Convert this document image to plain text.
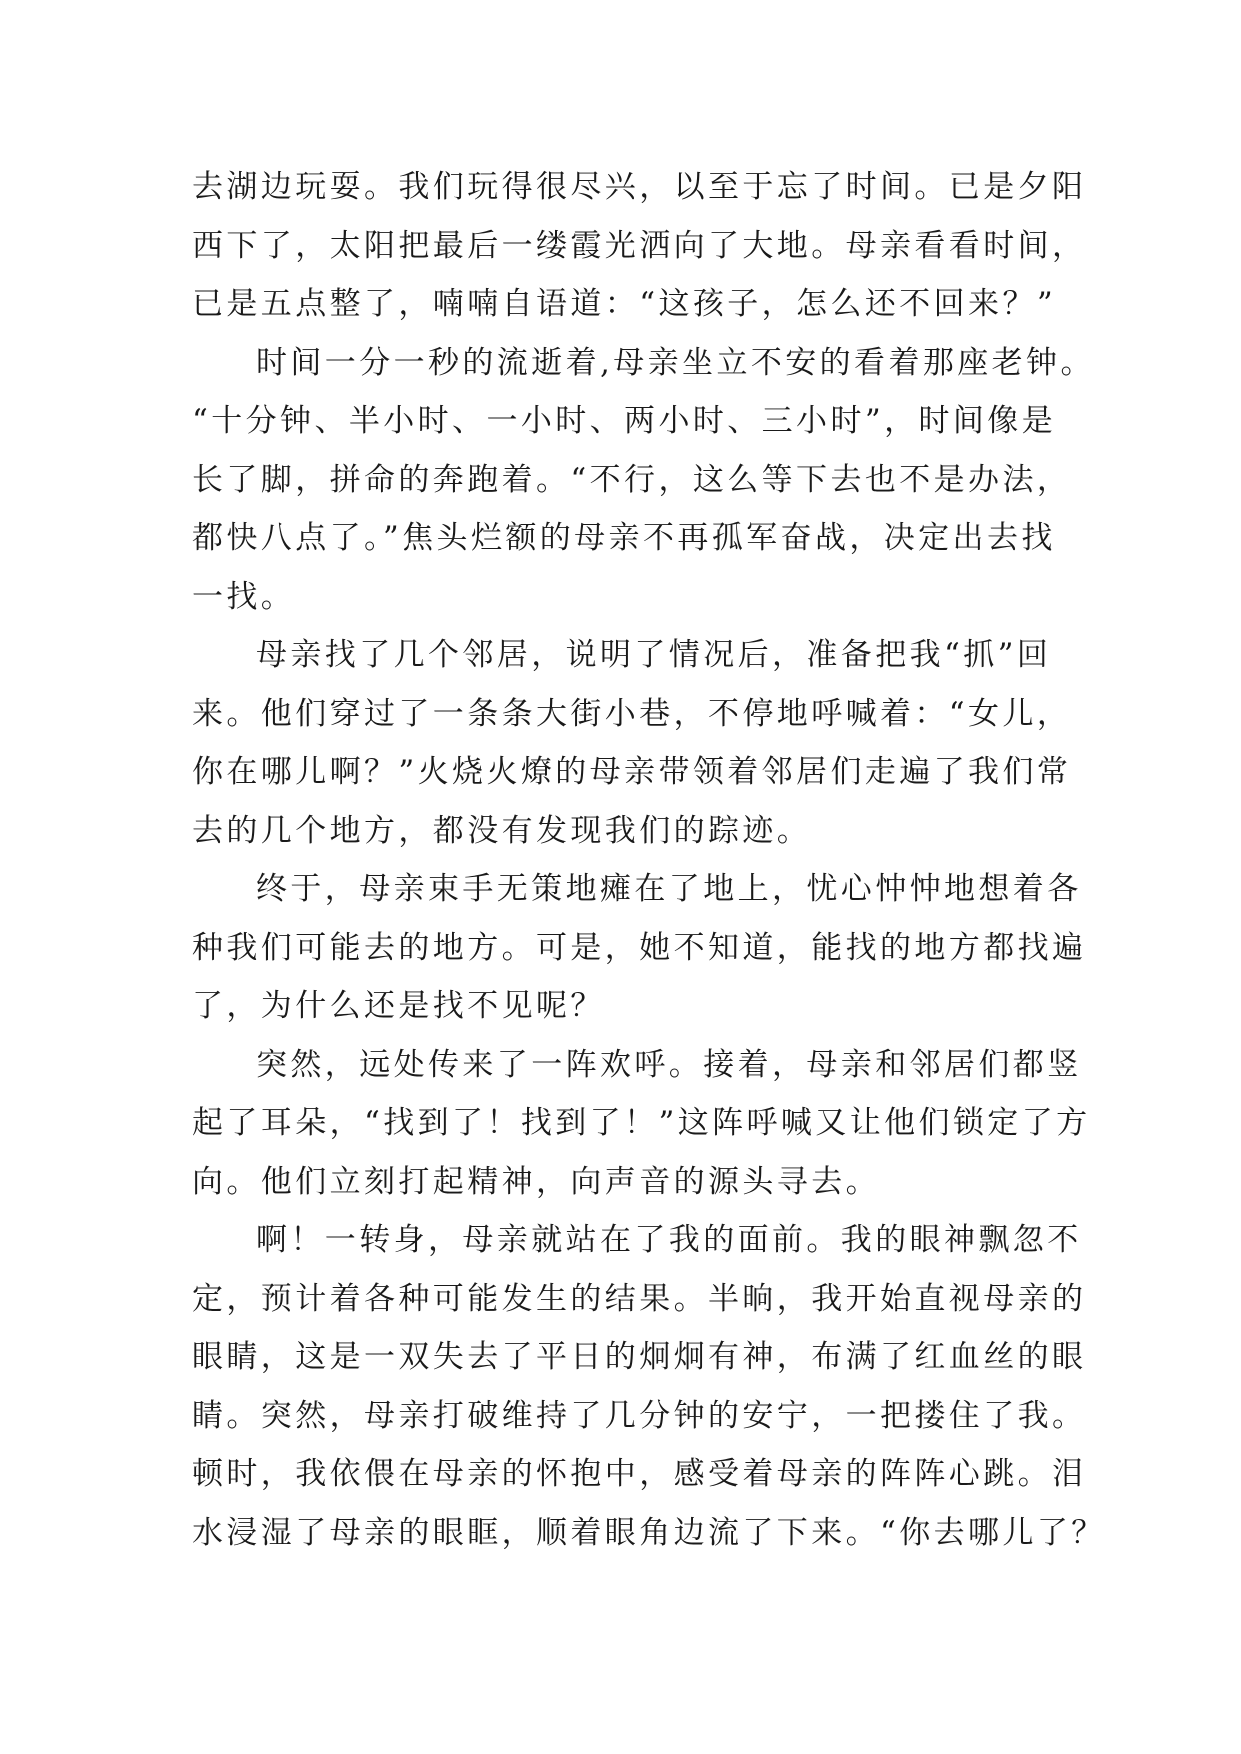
去湖边玩耍。我们玩得很尽兴，以至于忘了时间。已是夕阳
西下了，太阳把最后一缕霞光洒向了大地。母亲看看时间，
已是五点整了，喃喃自语道：“这孩子，怎么还不回来？”
时间一分一秒的流逝着,母亲坐立不安的看着那座老钟。
“十分钟、半小时、一小时、两小时、三小时”，时间像是
长了脚，拼命的奔跑着。“不行，这么等下去也不是办法，
都快八点了。”焦头烂额的母亲不再孤军奋战，决定出去找
一找。
母亲找了几个邻居，说明了情况后，准备把我“抓”回
来。他们穿过了一条条大街小巷，不停地呼喊着：“女儿，
你在哪儿啊？”火烧火燎的母亲带领着邻居们走遍了我们常
去的几个地方，都没有发现我们的踪迹。
终于，母亲束手无策地瘫在了地上，忧心忡忡地想着各
种我们可能去的地方。可是，她不知道，能找的地方都找遍
了，为什么还是找不见呢？
突然，远处传来了一阵欢呼。接着，母亲和邻居们都竖
起了耳朵，“找到了！找到了！”这阵呼喊又让他们锁定了方
向。他们立刻打起精神，向声音的源头寻去。
啊！一转身，母亲就站在了我的面前。我的眼神飘忽不
定，预计着各种可能发生的结果。半晌，我开始直视母亲的
眼睛，这是一双失去了平日的炯炯有神，布满了红血丝的眼
睛。突然，母亲打破维持了几分钟的安宁，一把搂住了我。
顿时，我依偎在母亲的怀抱中，感受着母亲的阵阵心跳。泪
水浸湿了母亲的眼眶，顺着眼角边流了下来。“你去哪儿了？
